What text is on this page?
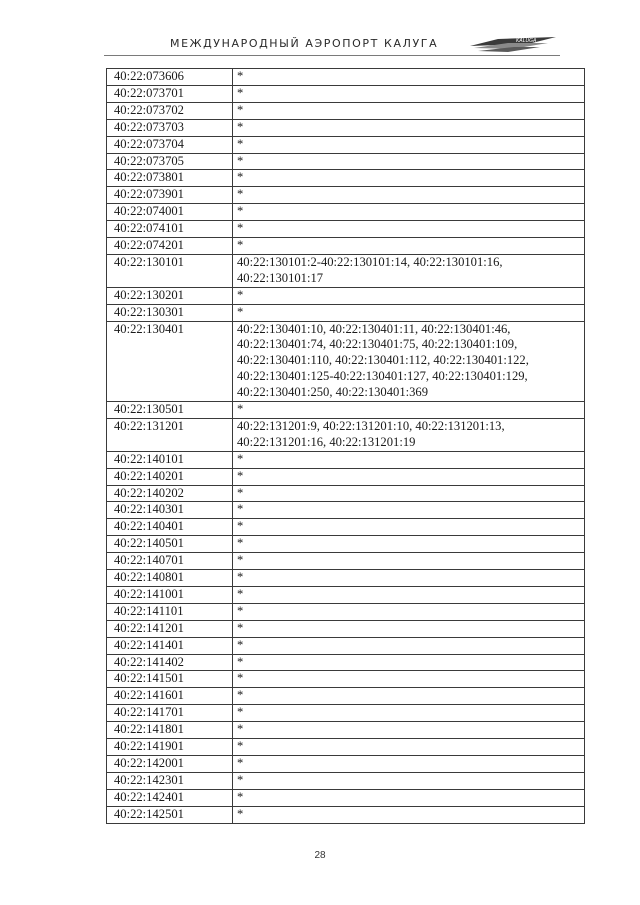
МЕЖДУНАРОДНЫЙ АЭРОПОРТ КАЛУГА	KALUGA
40:22:073606	*

40:22:073701	*

40:22:073702	*

40:22:073703	*

40:22:073704	*

40:22:073705	*

40:22:073801	*

40:22:073901	*

40:22:074001	*

40:22:074101	*

40:22:074201	*

40:22:130101	40:22:130101:2-40:22:130101:14, 40:22:130101:16,
40:22:130101:17

40:22:130201	*

40:22:130301	*

40:22:130401	40:22:130401:10, 40:22:130401:11, 40:22:130401:46,
40:22:130401:74, 40:22:130401:75, 40:22:130401:109,
40:22:130401:110, 40:22:130401:112, 40:22:130401:122,
40:22:130401:125-40:22:130401:127, 40:22:130401:129,
40:22:130401:250, 40:22:130401:369

40:22:130501	*

40:22:131201	40:22:131201:9, 40:22:131201:10, 40:22:131201:13,
40:22:131201:16, 40:22:131201:19

40:22:140101	*

40:22:140201	*

40:22:140202	*

40:22:140301	*

40:22:140401	*

40:22:140501	*

40:22:140701	*

40:22:140801	*

40:22:141001	*

40:22:141101	*

40:22:141201	*

40:22:141401	*

40:22:141402	*

40:22:141501	*

40:22:141601	*

40:22:141701	*

40:22:141801	*

40:22:141901	*

40:22:142001	*

40:22:142301	*

40:22:142401	*

40:22:142501	*
28
